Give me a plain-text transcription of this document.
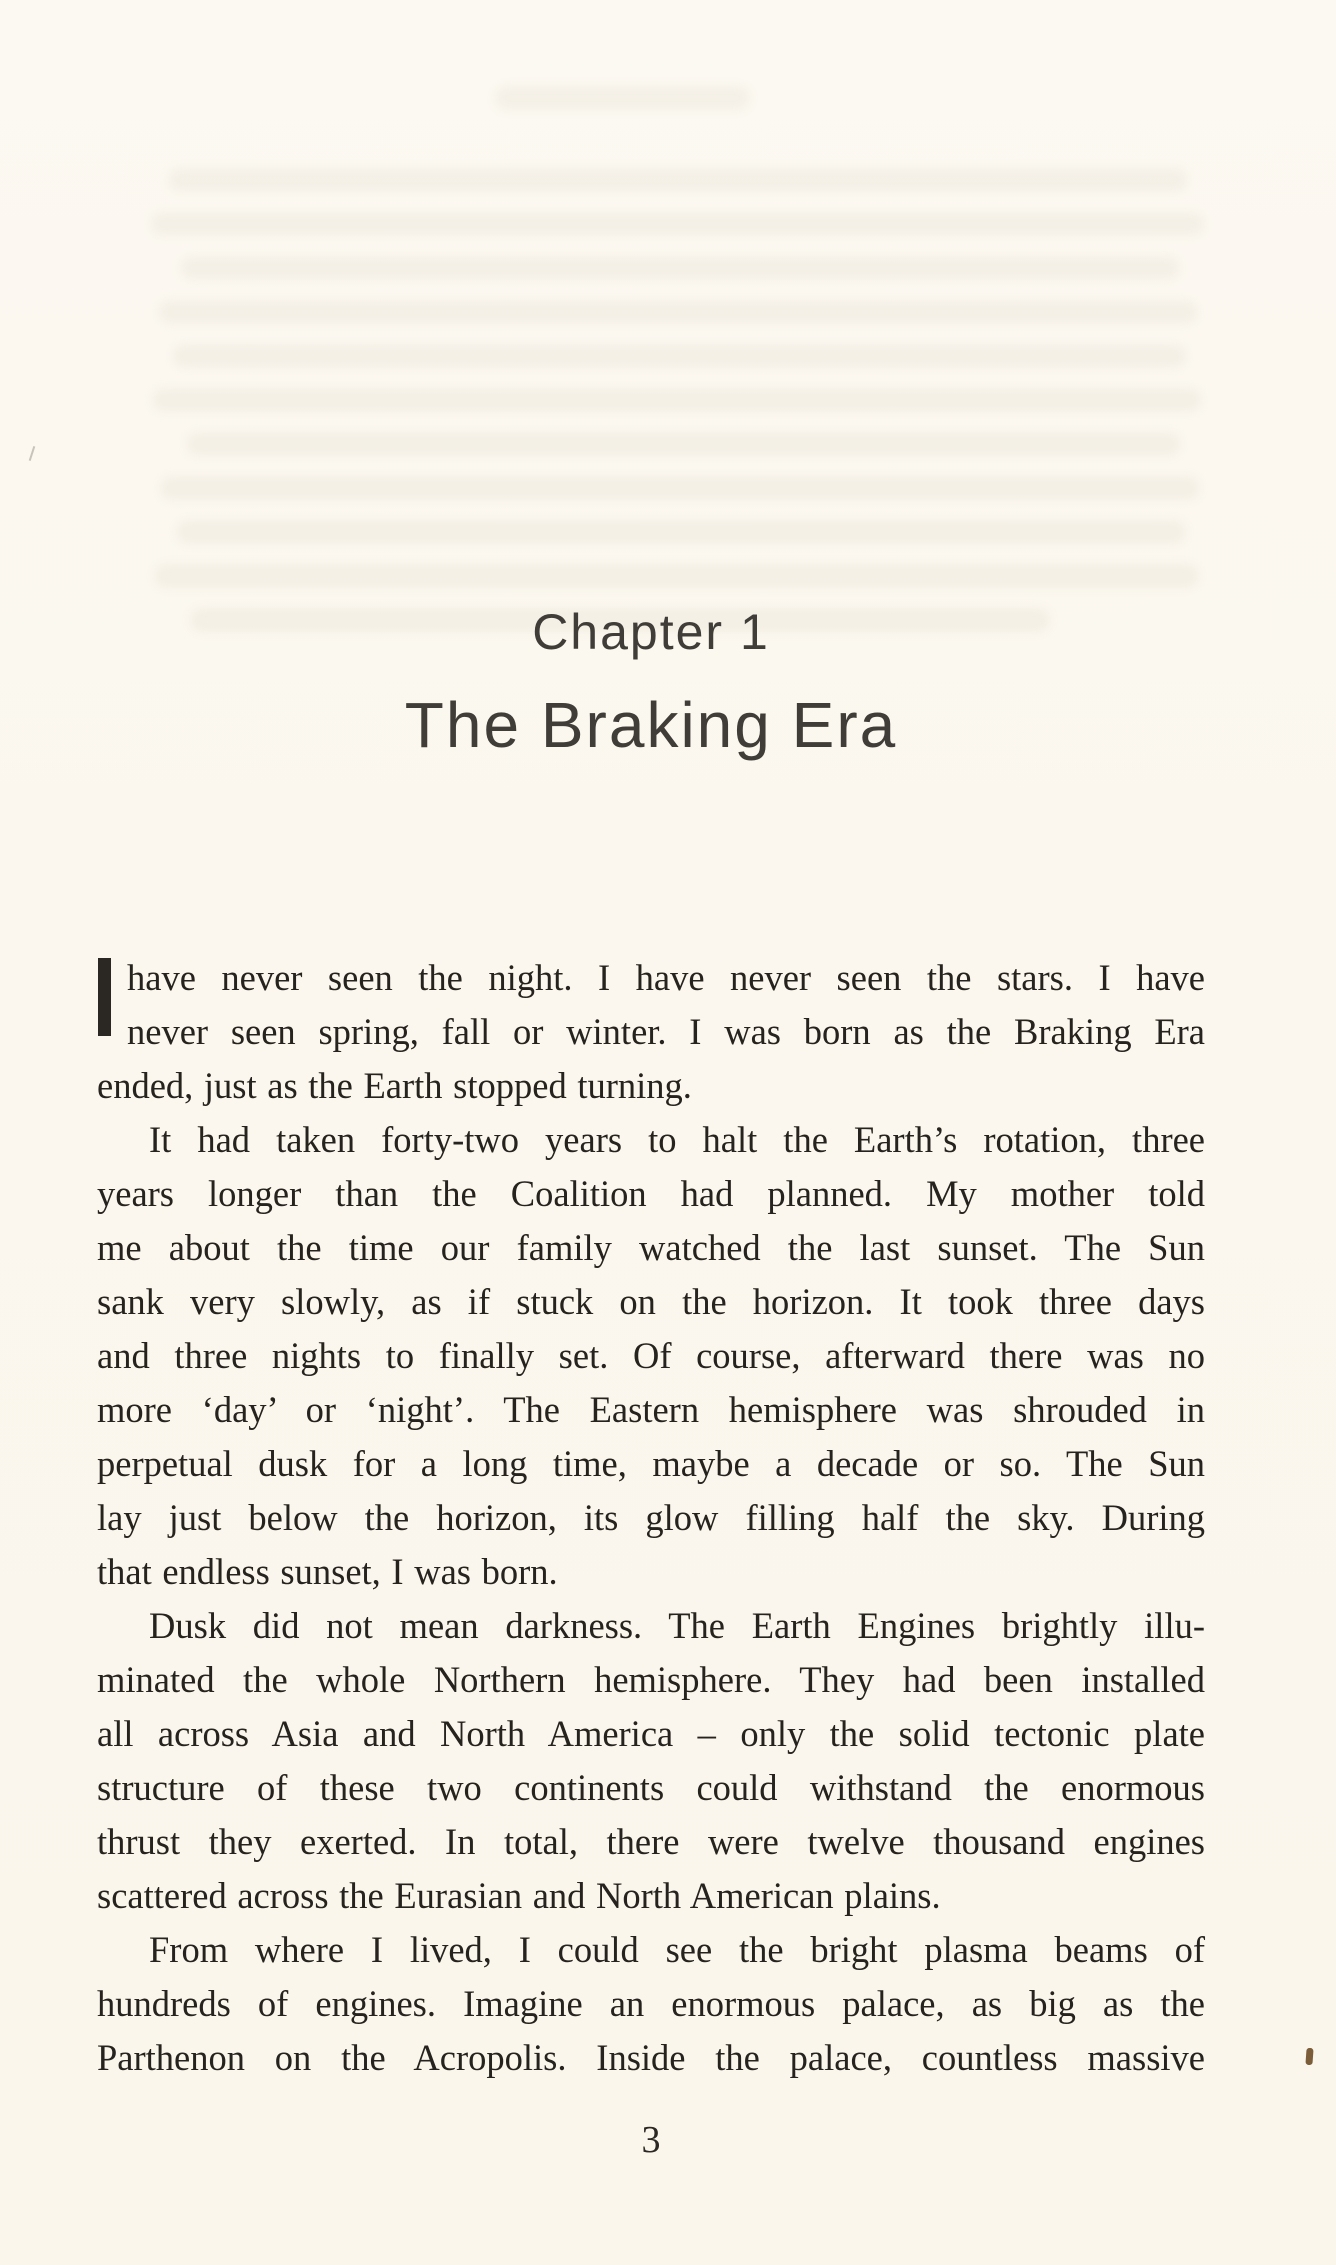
Chapter 1
The Braking Era
have never seen the night. I have never seen the stars. I have
never seen spring, fall or winter. I was born as the Braking Era
ended, just as the Earth stopped turning.
It had taken forty-two years to halt the Earth’s rotation, three
years longer than the Coalition had planned. My mother told
me about the time our family watched the last sunset. The Sun
sank very slowly, as if stuck on the horizon. It took three days
and three nights to finally set. Of course, afterward there was no
more ‘day’ or ‘night’. The Eastern hemisphere was shrouded in
perpetual dusk for a long time, maybe a decade or so. The Sun
lay just below the horizon, its glow filling half the sky. During
that endless sunset, I was born.
Dusk did not mean darkness. The Earth Engines brightly illu-
minated the whole Northern hemisphere. They had been installed
all across Asia and North America – only the solid tectonic plate
structure of these two continents could withstand the enormous
thrust they exerted. In total, there were twelve thousand engines
scattered across the Eurasian and North American plains.
From where I lived, I could see the bright plasma beams of
hundreds of engines. Imagine an enormous palace, as big as the
Parthenon on the Acropolis. Inside the palace, countless massive
3
